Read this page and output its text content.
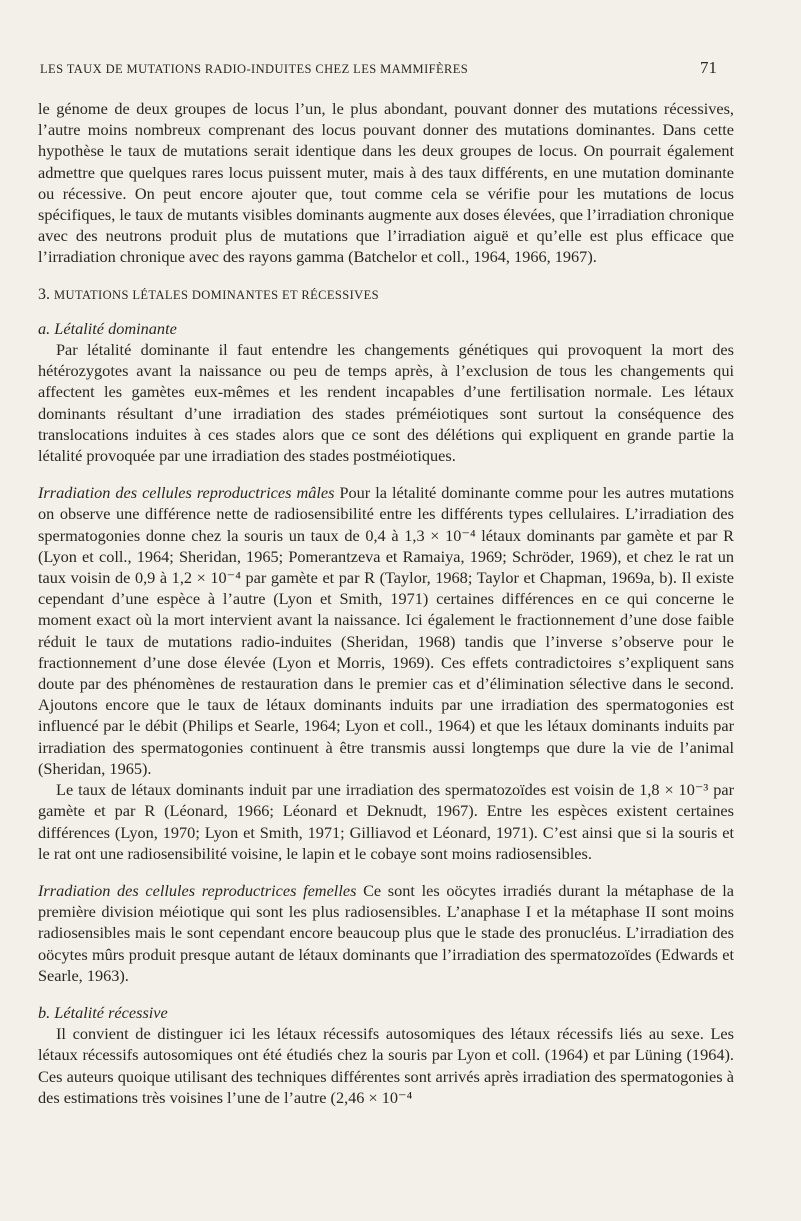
LES TAUX DE MUTATIONS RADIO-INDUITES CHEZ LES MAMMIFÈRES	71

le génome de deux groupes de locus l’un, le plus abondant, pouvant donner des mutations récessives, l’autre moins nombreux comprenant des locus pouvant donner des mutations dominantes. Dans cette hypothèse le taux de mutations serait identique dans les deux groupes de locus. On pourrait également admettre que quelques rares locus puissent muter, mais à des taux différents, en une mutation dominante ou récessive. On peut encore ajouter que, tout comme cela se vérifie pour les mutations de locus spécifiques, le taux de mutants visibles dominants augmente aux doses élevées, que l’irradiation chronique avec des neutrons produit plus de mutations que l’irradiation aiguë et qu’elle est plus efficace que l’irradiation chronique avec des rayons gamma (Batchelor et coll., 1964, 1966, 1967).

3. MUTATIONS LÉTALES DOMINANTES ET RÉCESSIVES

a. Létalité dominante

Par létalité dominante il faut entendre les changements génétiques qui provoquent la mort des hétérozygotes avant la naissance ou peu de temps après, à l’exclusion de tous les changements qui affectent les gamètes eux-mêmes et les rendent incapables d’une fertilisation normale. Les létaux dominants résultant d’une irradiation des stades préméiotiques sont surtout la conséquence des translocations induites à ces stades alors que ce sont des délétions qui expliquent en grande partie la létalité provoquée par une irradiation des stades postméiotiques.

Irradiation des cellules reproductrices mâles Pour la létalité dominante comme pour les autres mutations on observe une différence nette de radiosensibilité entre les différents types cellulaires. L’irradiation des spermatogonies donne chez la souris un taux de 0,4 à 1,3 × 10⁻⁴ létaux dominants par gamète et par R (Lyon et coll., 1964; Sheridan, 1965; Pomerantzeva et Ramaiya, 1969; Schröder, 1969), et chez le rat un taux voisin de 0,9 à 1,2 × 10⁻⁴ par gamète et par R (Taylor, 1968; Taylor et Chapman, 1969a, b). Il existe cependant d’une espèce à l’autre (Lyon et Smith, 1971) certaines différences en ce qui concerne le moment exact où la mort intervient avant la naissance. Ici également le fractionnement d’une dose faible réduit le taux de mutations radio-induites (Sheridan, 1968) tandis que l’inverse s’observe pour le fractionnement d’une dose élevée (Lyon et Morris, 1969). Ces effets contradictoires s’expliquent sans doute par des phénomènes de restauration dans le premier cas et d’élimination sélective dans le second. Ajoutons encore que le taux de létaux dominants induits par une irradiation des spermatogonies est influencé par le débit (Philips et Searle, 1964; Lyon et coll., 1964) et que les létaux dominants induits par irradiation des spermatogonies continuent à être transmis aussi longtemps que dure la vie de l’animal (Sheridan, 1965).

Le taux de létaux dominants induit par une irradiation des spermatozoïdes est voisin de 1,8 × 10⁻³ par gamète et par R (Léonard, 1966; Léonard et Deknudt, 1967). Entre les espèces existent certaines différences (Lyon, 1970; Lyon et Smith, 1971; Gilliavod et Léonard, 1971). C’est ainsi que si la souris et le rat ont une radiosensibilité voisine, le lapin et le cobaye sont moins radiosensibles.

Irradiation des cellules reproductrices femelles Ce sont les oöcytes irradiés durant la métaphase de la première division méiotique qui sont les plus radiosensibles. L’anaphase I et la métaphase II sont moins radiosensibles mais le sont cependant encore beaucoup plus que le stade des pronucléus. L’irradiation des oöcytes mûrs produit presque autant de létaux dominants que l’irradiation des spermatozoïdes (Edwards et Searle, 1963).

b. Létalité récessive

Il convient de distinguer ici les létaux récessifs autosomiques des létaux récessifs liés au sexe. Les létaux récessifs autosomiques ont été étudiés chez la souris par Lyon et coll. (1964) et par Lüning (1964). Ces auteurs quoique utilisant des techniques différentes sont arrivés après irradiation des spermatogonies à des estimations très voisines l’une de l’autre (2,46 × 10⁻⁴
